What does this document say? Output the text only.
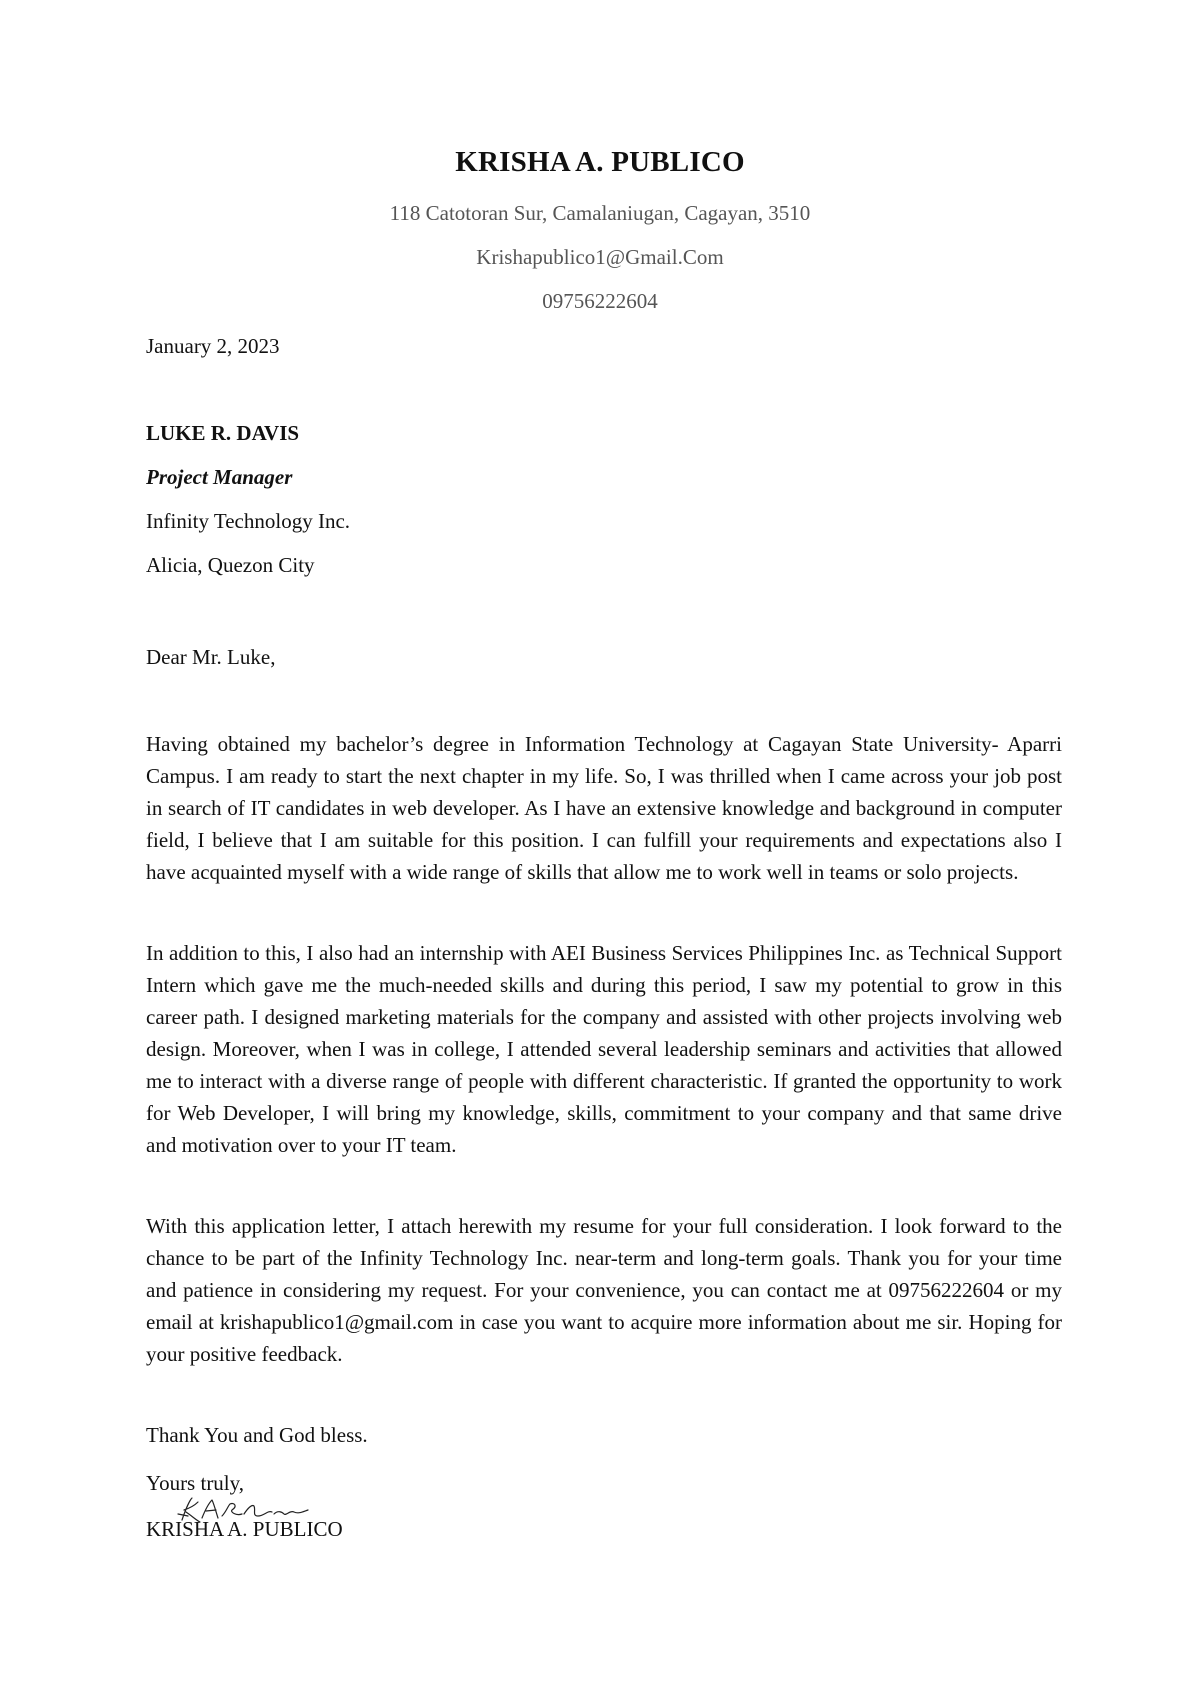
KRISHA A. PUBLICO
118 Catotoran Sur, Camalaniugan, Cagayan, 3510
Krishapublico1@Gmail.Com
09756222604
January 2, 2023
LUKE R. DAVIS
Project Manager
Infinity Technology Inc.
Alicia, Quezon City
Dear Mr. Luke,
Having obtained my bachelor’s degree in Information Technology at Cagayan State University- Aparri Campus. I am ready to start the next chapter in my life. So, I was thrilled when I came across your job post in search of IT candidates in web developer. As I have an extensive knowledge and background in computer field, I believe that I am suitable for this position. I can fulfill your requirements and expectations also I have acquainted myself with a wide range of skills that allow me to work well in teams or solo projects.
In addition to this, I also had an internship with AEI Business Services Philippines Inc. as Technical Support Intern which gave me the much-needed skills and during this period, I saw my potential to grow in this career path. I designed marketing materials for the company and assisted with other projects involving web design. Moreover, when I was in college, I attended several leadership seminars and activities that allowed me to interact with a diverse range of people with different characteristic. If granted the opportunity to work for Web Developer, I will bring my knowledge, skills, commitment to your company and that same drive and motivation over to your IT team.
With this application letter, I attach herewith my resume for your full consideration. I look forward to the chance to be part of the Infinity Technology Inc. near-term and long-term goals. Thank you for your time and patience in considering my request. For your convenience, you can contact me at 09756222604 or my email at krishapublico1@gmail.com in case you want to acquire more information about me sir. Hoping for your positive feedback.
Thank You and God bless.
Yours truly,
KRISHA A. PUBLICO
